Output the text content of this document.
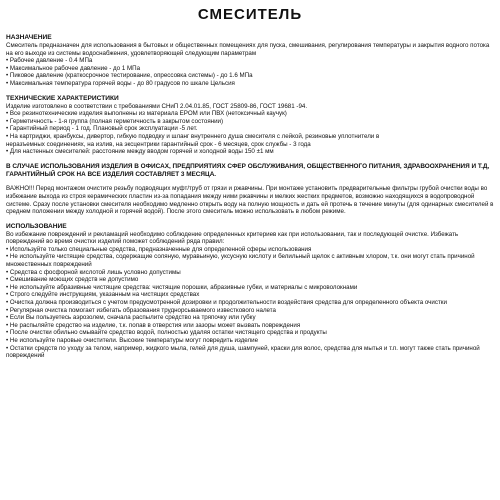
СМЕСИТЕЛЬ

НАЗНАЧЕНИЕ

Смеситель предназначен для использования в бытовых и общественных помещениях для пуска, смешивания, регулирования температуры и закрытия водного потока на его выходе из системы водоснабжения, удовлетворяющей следующим параметрам

• Рабочее давление - 0.4 МПа

• Максимальное рабочее давление - до 1 МПа

• Пиковое давление (краткосрочное тестирование, опрессовка системы) - до 1.6 МПа

• Максимальная температура горячей воды - до 80 градусов по шкале Цельсия

ТЕХНИЧЕСКИЕ ХАРАКТЕРИСТИКИ

Изделие изготовлено в соответствии с требованиями СНиП 2.04.01.85, ГОСТ 25809-86, ГОСТ 19681 -94.

• Все резинотехнические изделия выполнены из материала EPOM или ПВХ (нетоксичный каучук)

• Герметичность - 1-я группа (полная герметичность в закрытом состоянии)

• Гарантийный период - 1 год. Плановый срок эксплуатации -5 лет.

• На картриджи, кранбуксы, дивертор, гибкую подводку и шланг внутреннего душа смесителя с лейкой, резиновые уплотнители в

неразъемных соединениях, на излив, на эксцентрики гарантийный срок - 6 месяцев, срок службы - 3 года

• Для настенных смесителей: расстояние между вводом горячей и холодной воды 150 ±1 мм

В СЛУЧАЕ ИСПОЛЬЗОВАНИЯ ИЗДЕЛИЯ В ОФИСАХ, ПРЕДПРИЯТИЯХ СФЕР ОБСЛУЖИВАНИЯ, ОБЩЕСТВЕННОГО ПИТАНИЯ, ЗДРАВООХРАНЕНИЯ И Т.Д, ГАРАНТИЙНЫЙ СРОК НА ВСЕ ИЗДЕЛИЯ СОСТАВЛЯЕТ 3 МЕСЯЦА.

ВАЖНО!!! Перед монтажом очистите резьбу подводящих муфт/труб от грязи и ржавчины. При монтаже установить предварительные фильтры грубой очистки воды во избежание выхода из строя керамических пластин из-за попадания между ними ржавчины и мелких жестких предметов, возможно находящихся в водопроводной системе. Сразу после установки смесителя необходимо медленно открыть воду на полную мощность и дать ей протечь в течение минуты (для одинарных смесителей в среднем положении между холодной и горячей водой). После этого смеситель можно использовать в любом режиме.

ИСПОЛЬЗОВАНИЕ

Во избежание повреждений и рекламаций необходимо соблюдение определенных критериев как при использовании, так и последующей очистке. Избежать повреждений во время очистки изделий поможет соблюдений ряда правил:

• Используйте только специальные средства, предназначенные для определенной сферы использования
• Не используйте чистящие средства, содержащие соляную, муравьиную, уксусную кислоту и белильный щелок с активным хлором, т.к. они могут стать причиной множественных повреждений
• Средства с фосфорной кислотой лишь условно допустимы
• Смешивание моющих средств не допустимо
• Не используйте абразивные чистящие средства: чистящие порошки, абразивные губки, и материалы с микроволокнами
• Строго следуйте инструкциям, указанным на чистящих средствах
• Очистка должна производиться с учетом предусмотренной дозировки и продолжительности воздействия средства для определенного объекта очистки
• Регулярная очистка помогает избегать образования труднорсываемого известкового налета
• Если Вы пользуетесь аэрозолем, сначала распылите средство на тряпочку или губку
• Не распыляйте средство на изделие, т.к. попав в отверстия или зазоры может вызвать повреждения
• После очистки обильно смывайте средство водой, полностью удаляя остатки чистящего средства и продукты
• Не используйте паровые очистители. Высокие температуры могут повредить изделие
• Остатки средств по уходу за телом, например, жидкого мыла, гелей для душа, шампуней, краски для волос, средства для мытья и т.п. могут также стать причиной повреждений
